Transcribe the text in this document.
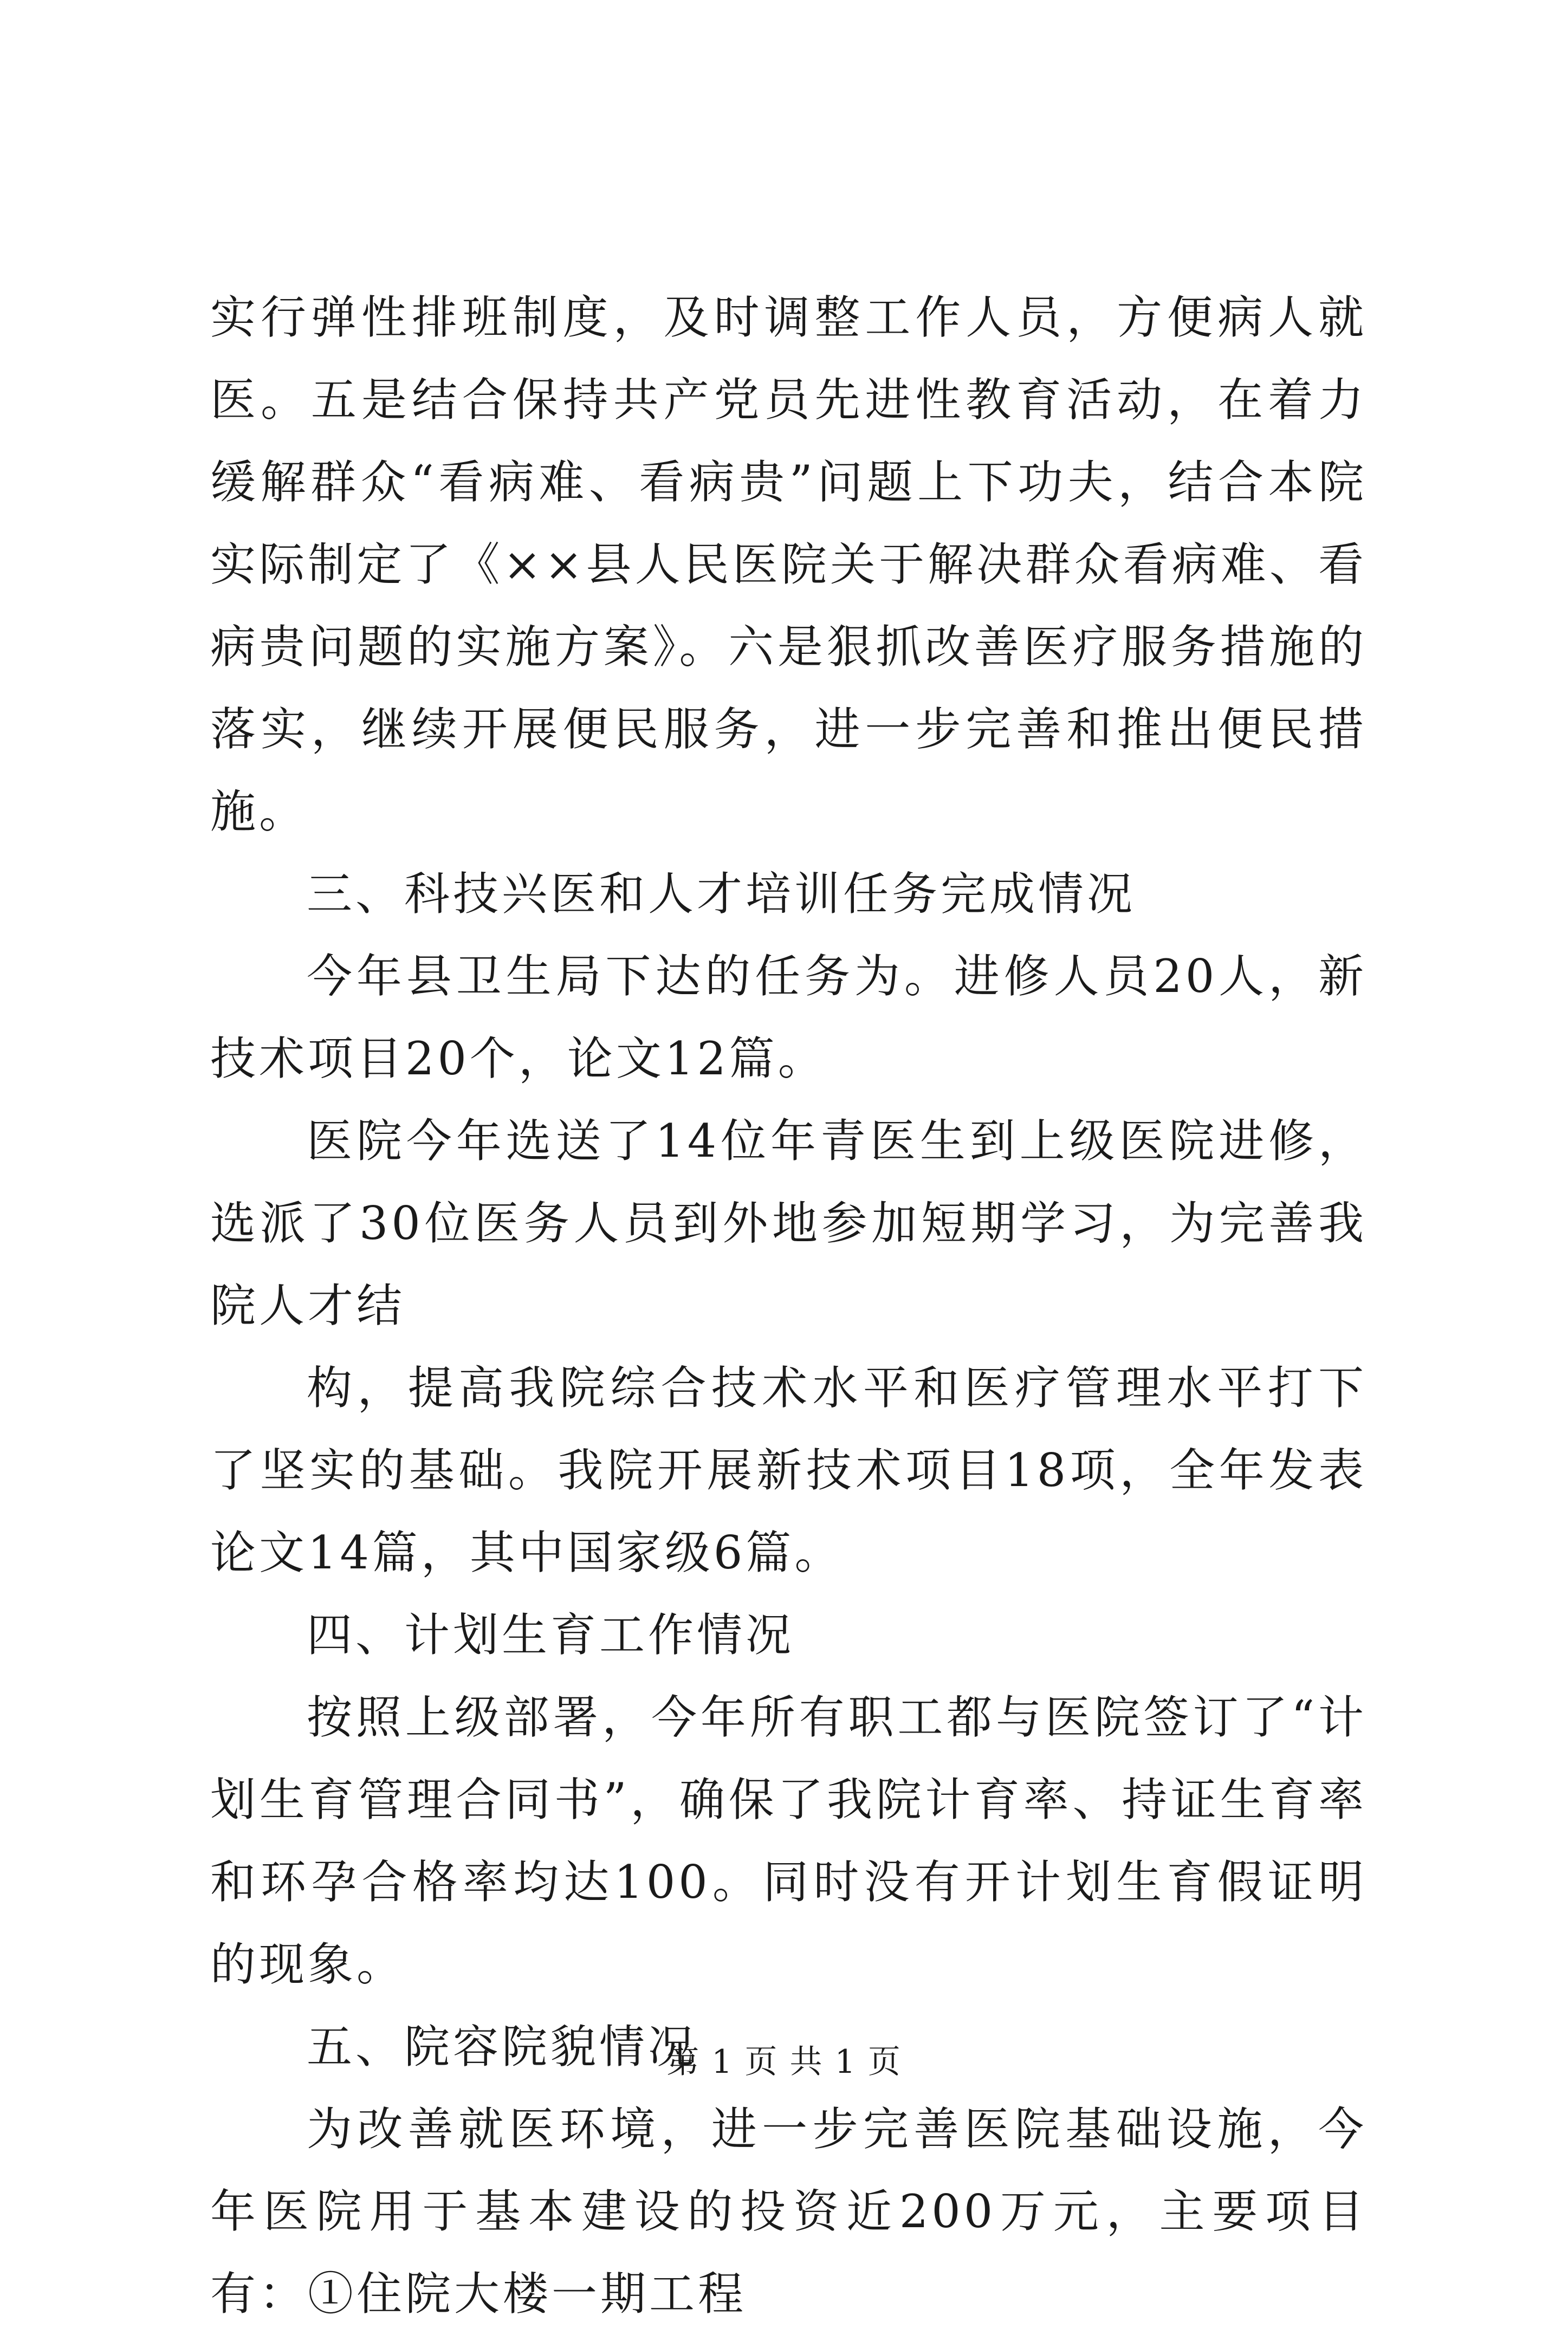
实行弹性排班制度，及时调整工作人员，方便病人就医。五是结合保持共产党员先进性教育活动，在着力缓解群众“看病难、看病贵”问题上下功夫，结合本院实际制定了《××县人民医院关于解决群众看病难、看病贵问题的实施方案》。六是狠抓改善医疗服务措施的落实，继续开展便民服务，进一步完善和推出便民措施。

三、科技兴医和人才培训任务完成情况

今年县卫生局下达的任务为。进修人员20人，新技术项目20个，论文12篇。

医院今年选送了14位年青医生到上级医院进修，选派了30位医务人员到外地参加短期学习，为完善我院人才结

构，提高我院综合技术水平和医疗管理水平打下了坚实的基础。我院开展新技术项目18项，全年发表论文14篇，其中国家级6篇。

四、计划生育工作情况

按照上级部署，今年所有职工都与医院签订了“计划生育管理合同书”，确保了我院计育率、持证生育率和环孕合格率均达100。同时没有开计划生育假证明的现象。

五、院容院貌情况

为改善就医环境，进一步完善医院基础设施，今年医院用于基本建设的投资近200万元，主要项目有：①住院大楼一期工程

第 1 页 共 1 页
